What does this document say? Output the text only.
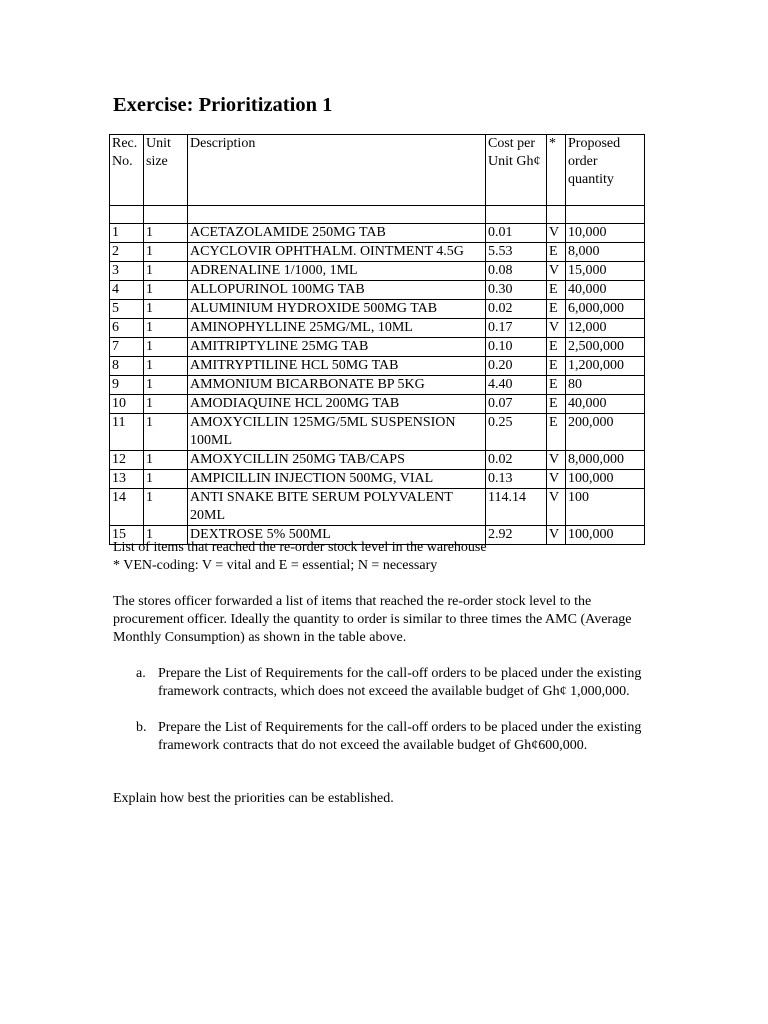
Exercise: Prioritization 1
Rec. No.	Unit size	Description	Cost per Unit Gh¢	*	Proposed order quantity

1	1	ACETAZOLAMIDE 250MG TAB	0.01	V	10,000
2	1	ACYCLOVIR OPHTHALM. OINTMENT 4.5G	5.53	E	8,000
3	1	ADRENALINE 1/1000, 1ML	0.08	V	15,000
4	1	ALLOPURINOL 100MG TAB	0.30	E	40,000
5	1	ALUMINIUM HYDROXIDE 500MG TAB	0.02	E	6,000,000
6	1	AMINOPHYLLINE 25MG/ML, 10ML	0.17	V	12,000
7	1	AMITRIPTYLINE 25MG TAB	0.10	E	2,500,000
8	1	AMITRYPTILINE HCL 50MG TAB	0.20	E	1,200,000
9	1	AMMONIUM BICARBONATE BP 5KG	4.40	E	80
10	1	AMODIAQUINE HCL 200MG TAB	0.07	E	40,000
11	1	AMOXYCILLIN 125MG/5ML SUSPENSION 100ML	0.25	E	200,000
12	1	AMOXYCILLIN 250MG TAB/CAPS	0.02	V	8,000,000
13	1	AMPICILLIN INJECTION 500MG, VIAL	0.13	V	100,000
14	1	ANTI SNAKE BITE SERUM POLYVALENT 20ML	114.14	V	100
15	1	DEXTROSE 5% 500ML	2.92	V	100,000
List of items that reached the re-order stock level in the warehouse
* VEN-coding: V = vital and E = essential; N = necessary

The stores officer forwarded a list of items that reached the re-order stock level to the procurement officer. Ideally the quantity to order is similar to three times the AMC (Average Monthly Consumption) as shown in the table above.

a. Prepare the List of Requirements for the call-off orders to be placed under the existing framework contracts, which does not exceed the available budget of Gh¢ 1,000,000.
b. Prepare the List of Requirements for the call-off orders to be placed under the existing framework contracts that do not exceed the available budget of Gh¢600,000.

Explain how best the priorities can be established.
